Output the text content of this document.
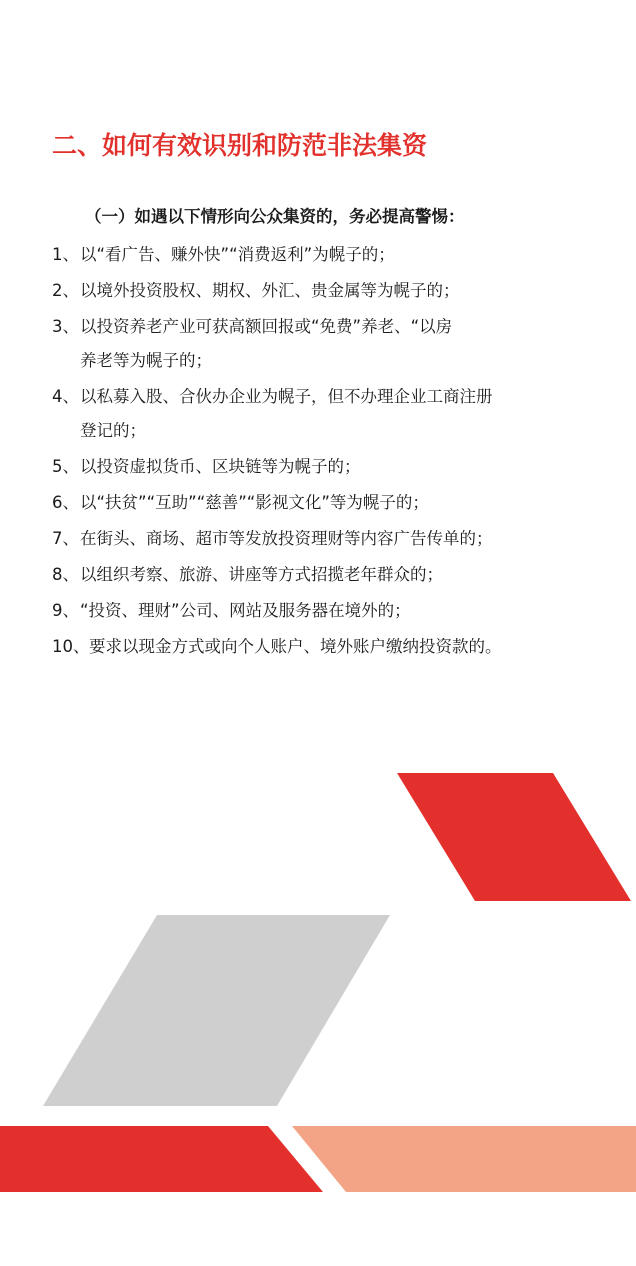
二、如何有效识别和防范非法集资
（一）如遇以下情形向公众集资的，务必提高警惕：
1、 以“看广告、赚外快”“消费返利”为幌子的；
2、 以境外投资股权、期权、外汇、贵金属等为幌子的；
3、 以投资养老产业可获高额回报或“免费”养老、“以房
养老等为幌子的；
4、 以私募入股、合伙办企业为幌子，但不办理企业工商注册
登记的；
5、 以投资虚拟货币、区块链等为幌子的；
6、 以“扶贫”“互助”“慈善”“影视文化”等为幌子的；
7、 在街头、商场、超市等发放投资理财等内容广告传单的；
8、 以组织考察、旅游、讲座等方式招揽老年群众的；
9、 “投资、理财”公司、网站及服务器在境外的；
10、 要求以现金方式或向个人账户、境外账户缴纳投资款的。
